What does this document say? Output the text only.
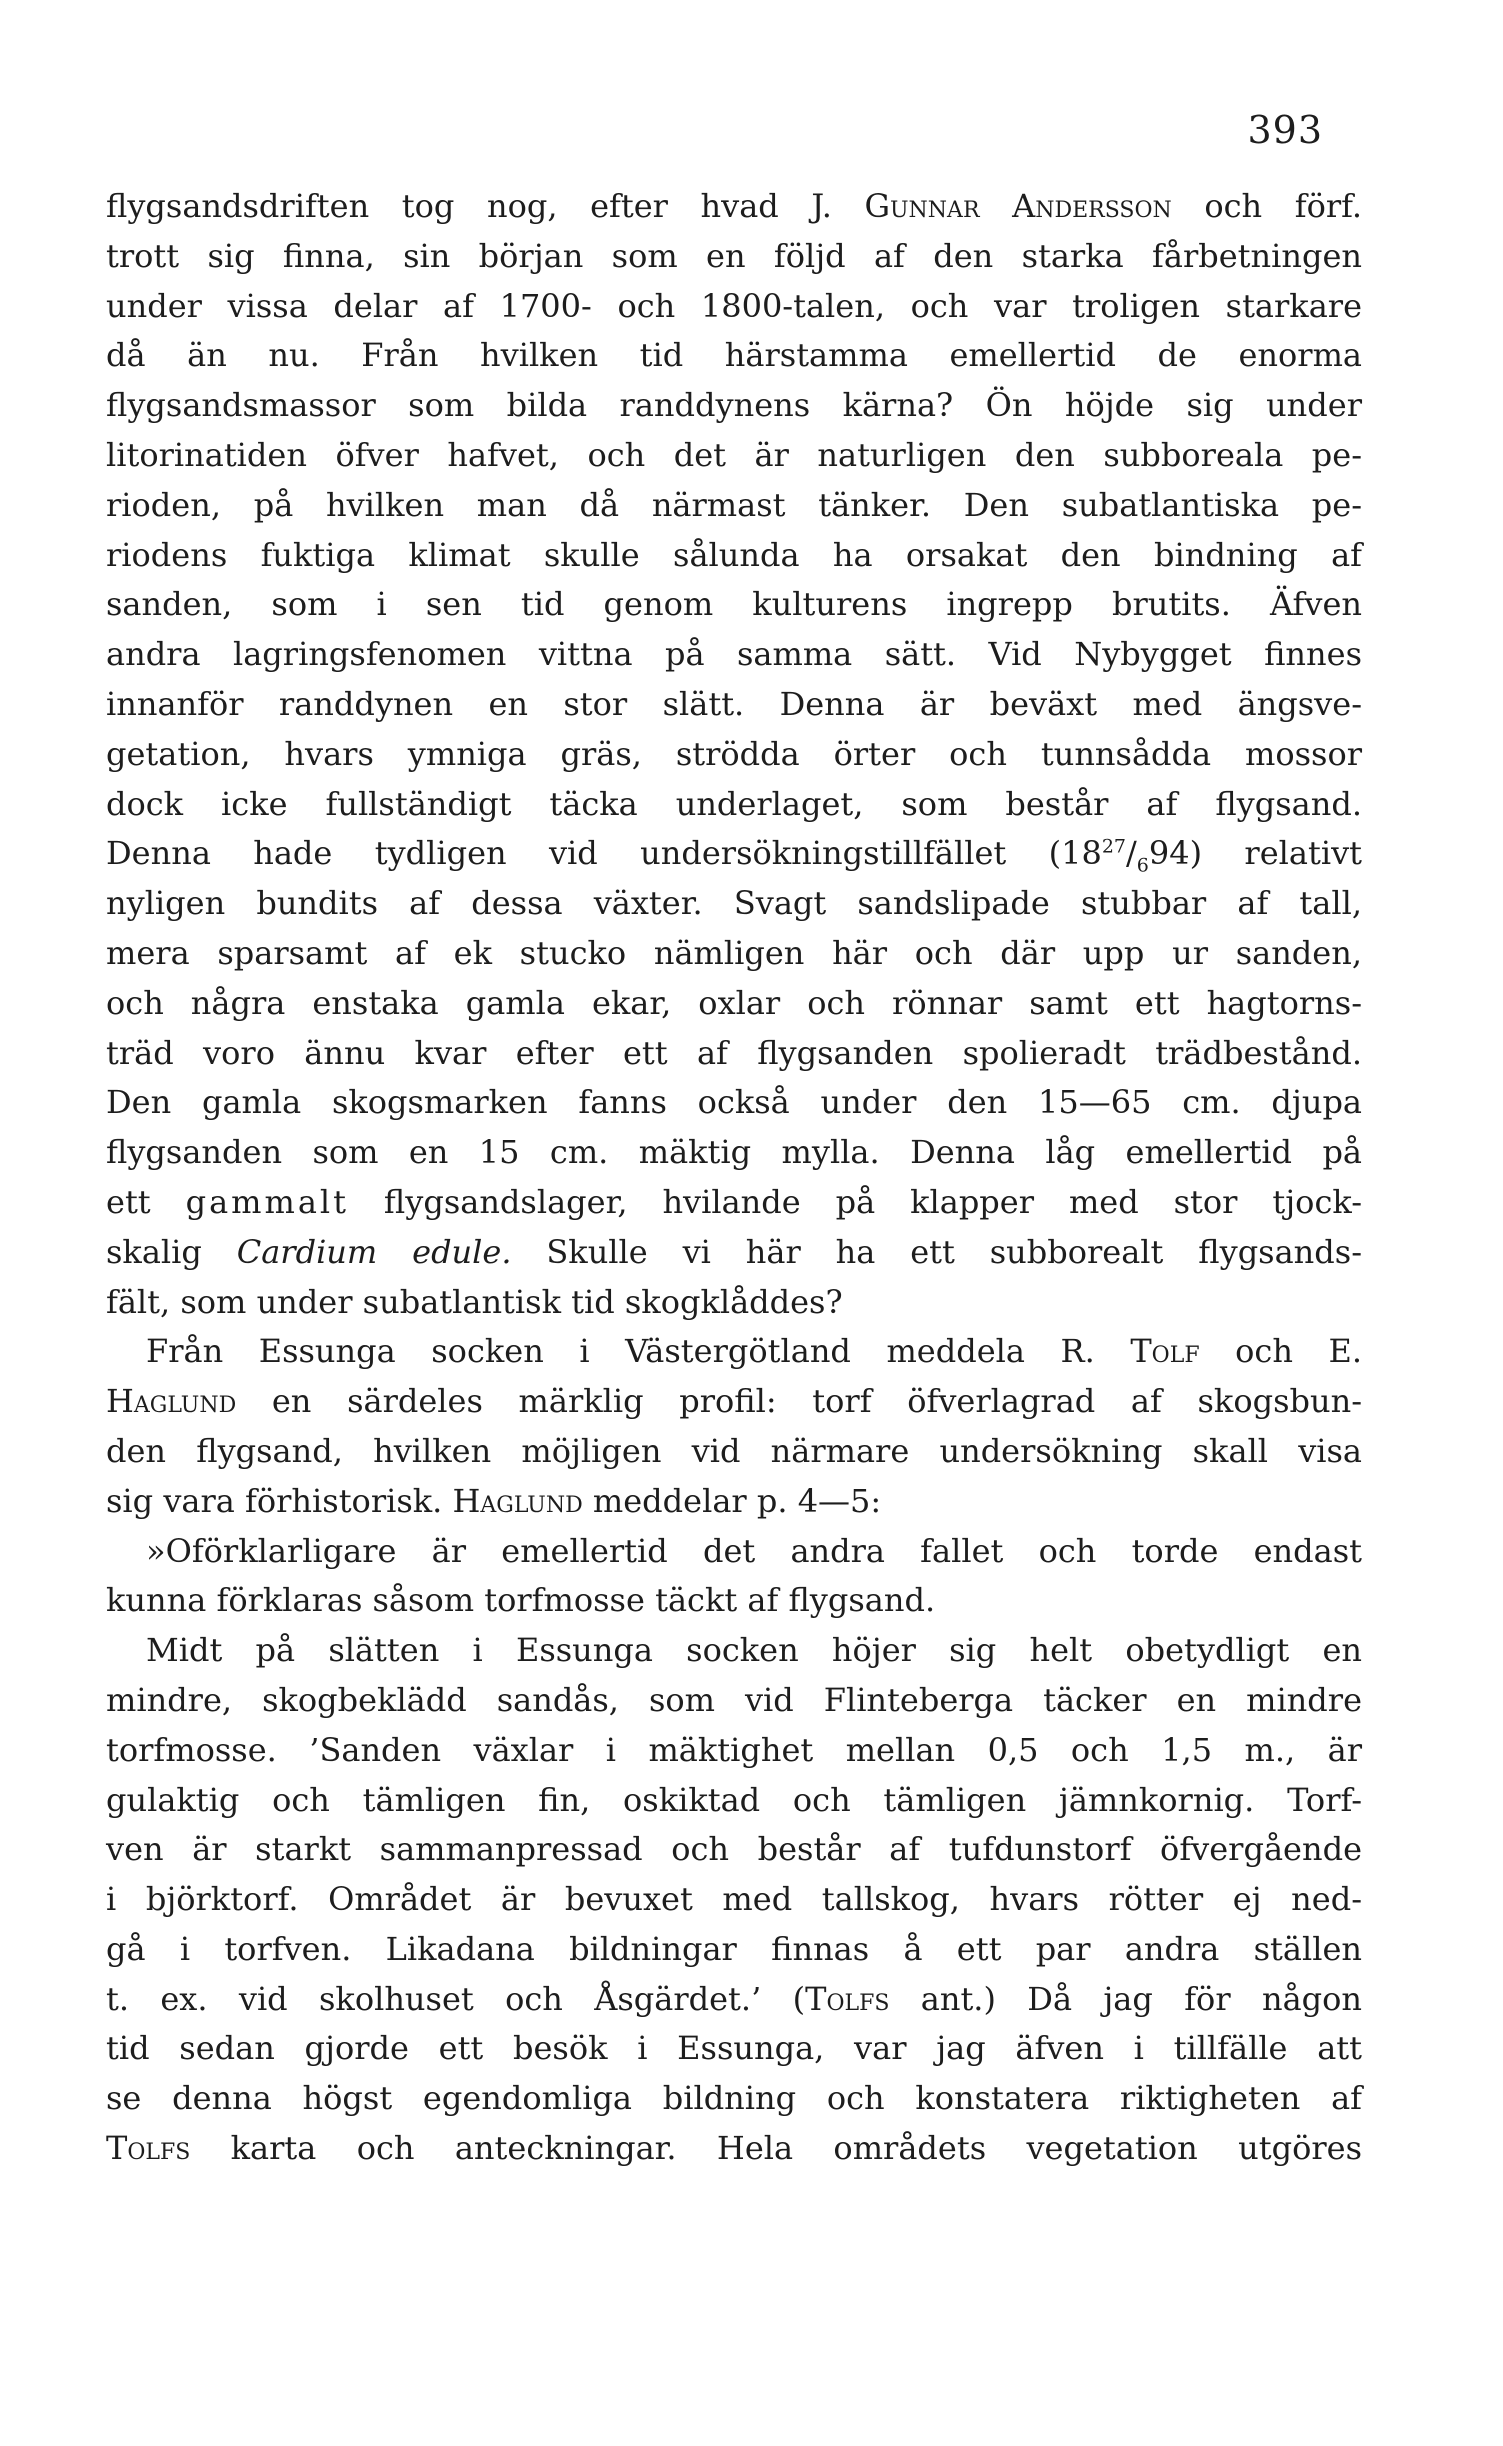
393
flygsandsdriften tog nog, efter hvad J. Gunnar Andersson och förf.
trott sig finna, sin början som en följd af den starka fårbetningen
under vissa delar af 1700- och 1800-talen, och var troligen starkare
då än nu. Från hvilken tid härstamma emellertid de enorma
flygsandsmassor som bilda randdynens kärna? Ön höjde sig under
litorinatiden öfver hafvet, och det är naturligen den subboreala pe-
rioden, på hvilken man då närmast tänker. Den subatlantiska pe-
riodens fuktiga klimat skulle sålunda ha orsakat den bindning af
sanden, som i sen tid genom kulturens ingrepp brutits. Äfven
andra lagringsfenomen vittna på samma sätt. Vid Nybygget finnes
innanför randdynen en stor slätt. Denna är beväxt med ängsve-
getation, hvars ymniga gräs, strödda örter och tunnsådda mossor
dock icke fullständigt täcka underlaget, som består af flygsand.
Denna hade tydligen vid undersökningstillfället $(18^{27}/_694)$ relativt
nyligen bundits af dessa växter. Svagt sandslipade stubbar af tall,
mera sparsamt af ek stucko nämligen här och där upp ur sanden,
och några enstaka gamla ekar, oxlar och rönnar samt ett hagtorns-
träd voro ännu kvar efter ett af flygsanden spolieradt trädbestånd.
Den gamla skogsmarken fanns också under den 15—65 cm. djupa
flygsanden som en 15 cm. mäktig mylla. Denna låg emellertid på
ett gammalt flygsandslager, hvilande på klapper med stor tjock-
skalig Cardium edule. Skulle vi här ha ett subborealt flygsands-
fält, som under subatlantisk tid skogklåddes?
Från Essunga socken i Västergötland meddela R. Tolf och E.
Haglund en särdeles märklig profil: torf öfverlagrad af skogsbun-
den flygsand, hvilken möjligen vid närmare undersökning skall visa
sig vara förhistorisk. Haglund meddelar p. 4—5:
»Oförklarligare är emellertid det andra fallet och torde endast
kunna förklaras såsom torfmosse täckt af flygsand.
Midt på slätten i Essunga socken höjer sig helt obetydligt en
mindre, skogbeklädd sandås, som vid Flinteberga täcker en mindre
torfmosse. ’Sanden växlar i mäktighet mellan 0,5 och 1,5 m., är
gulaktig och tämligen fin, oskiktad och tämligen jämnkornig. Torf-
ven är starkt sammanpressad och består af tufdunstorf öfvergående
i björktorf. Området är bevuxet med tallskog, hvars rötter ej ned-
gå i torfven. Likadana bildningar finnas å ett par andra ställen
t. ex. vid skolhuset och Åsgärdet.’ (Tolfs ant.) Då jag för någon
tid sedan gjorde ett besök i Essunga, var jag äfven i tillfälle att
se denna högst egendomliga bildning och konstatera riktigheten af
Tolfs karta och anteckningar. Hela områdets vegetation utgöres
